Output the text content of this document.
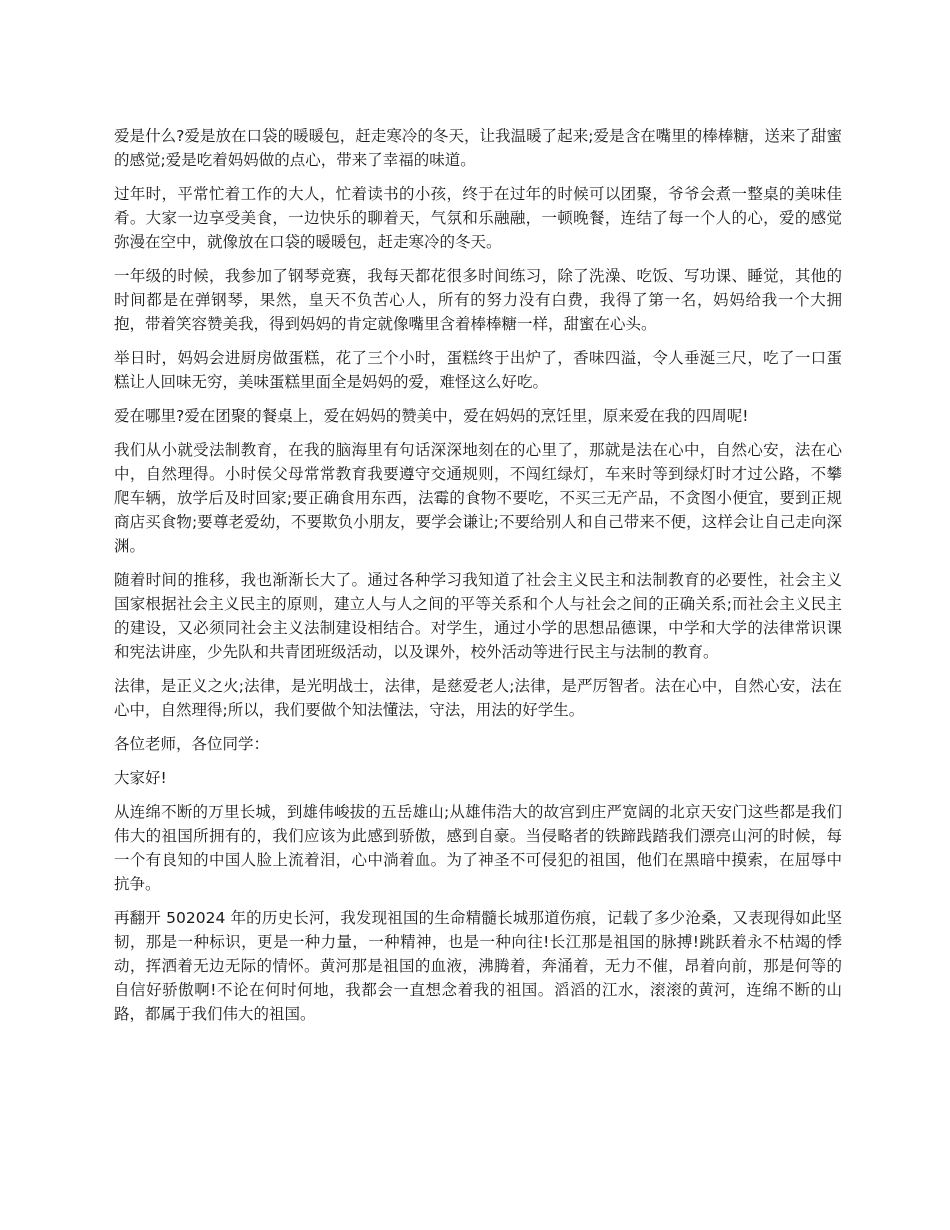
爱是什么?爱是放在口袋的暖暖包，赶走寒冷的冬天，让我温暖了起来;爱是含在嘴里的棒棒糖，送来了甜蜜的感觉;爱是吃着妈妈做的点心，带来了幸福的味道。

过年时，平常忙着工作的大人，忙着读书的小孩，终于在过年的时候可以团聚，爷爷会煮一整桌的美味佳肴。大家一边享受美食，一边快乐的聊着天，气氛和乐融融，一顿晚餐，连结了每一个人的心，爱的感觉弥漫在空中，就像放在口袋的暖暖包，赶走寒冷的冬天。

一年级的时候，我参加了钢琴竞赛，我每天都花很多时间练习，除了洗澡、吃饭、写功课、睡觉，其他的时间都是在弹钢琴，果然，皇天不负苦心人，所有的努力没有白费，我得了第一名，妈妈给我一个大拥抱，带着笑容赞美我，得到妈妈的肯定就像嘴里含着棒棒糖一样，甜蜜在心头。

举日时，妈妈会进厨房做蛋糕，花了三个小时，蛋糕终于出炉了，香味四溢，令人垂涎三尺，吃了一口蛋糕让人回味无穷，美味蛋糕里面全是妈妈的爱，难怪这么好吃。

爱在哪里?爱在团聚的餐桌上，爱在妈妈的赞美中，爱在妈妈的烹饪里，原来爱在我的四周呢!

我们从小就受法制教育，在我的脑海里有句话深深地刻在的心里了，那就是法在心中，自然心安，法在心中，自然理得。小时侯父母常常教育我要遵守交通规则，不闯红绿灯，车来时等到绿灯时才过公路，不攀爬车辆，放学后及时回家;要正确食用东西，法霉的食物不要吃，不买三无产品，不贪图小便宜，要到正规商店买食物;要尊老爱幼，不要欺负小朋友，要学会谦让;不要给别人和自己带来不便，这样会让自己走向深渊。

随着时间的推移，我也渐渐长大了。通过各种学习我知道了社会主义民主和法制教育的必要性，社会主义国家根据社会主义民主的原则，建立人与人之间的平等关系和个人与社会之间的正确关系;而社会主义民主的建设，又必须同社会主义法制建设相结合。对学生，通过小学的思想品德课，中学和大学的法律常识课和宪法讲座，少先队和共青团班级活动，以及课外，校外活动等进行民主与法制的教育。

法律，是正义之火;法律，是光明战士，法律，是慈爱老人;法律，是严厉智者。法在心中，自然心安，法在心中，自然理得;所以，我们要做个知法懂法，守法，用法的好学生。

各位老师，各位同学：

大家好!

从连绵不断的万里长城，到雄伟峻拔的五岳雄山;从雄伟浩大的故宫到庄严宽阔的北京天安门这些都是我们伟大的祖国所拥有的，我们应该为此感到骄傲，感到自豪。当侵略者的铁蹄践踏我们漂亮山河的时候，每一个有良知的中国人脸上流着泪，心中淌着血。为了神圣不可侵犯的祖国，他们在黑暗中摸索，在屈辱中抗争。

再翻开 502024 年的历史长河，我发现祖国的生命精髓长城那道伤痕，记载了多少沧桑，又表现得如此坚韧，那是一种标识，更是一种力量，一种精神，也是一种向往!长江那是祖国的脉搏!跳跃着永不枯竭的悸动，挥洒着无边无际的情怀。黄河那是祖国的血液，沸腾着，奔涌着，无力不催，昂着向前，那是何等的自信好骄傲啊!不论在何时何地，我都会一直想念着我的祖国。滔滔的江水，滚滚的黄河，连绵不断的山路，都属于我们伟大的祖国。
